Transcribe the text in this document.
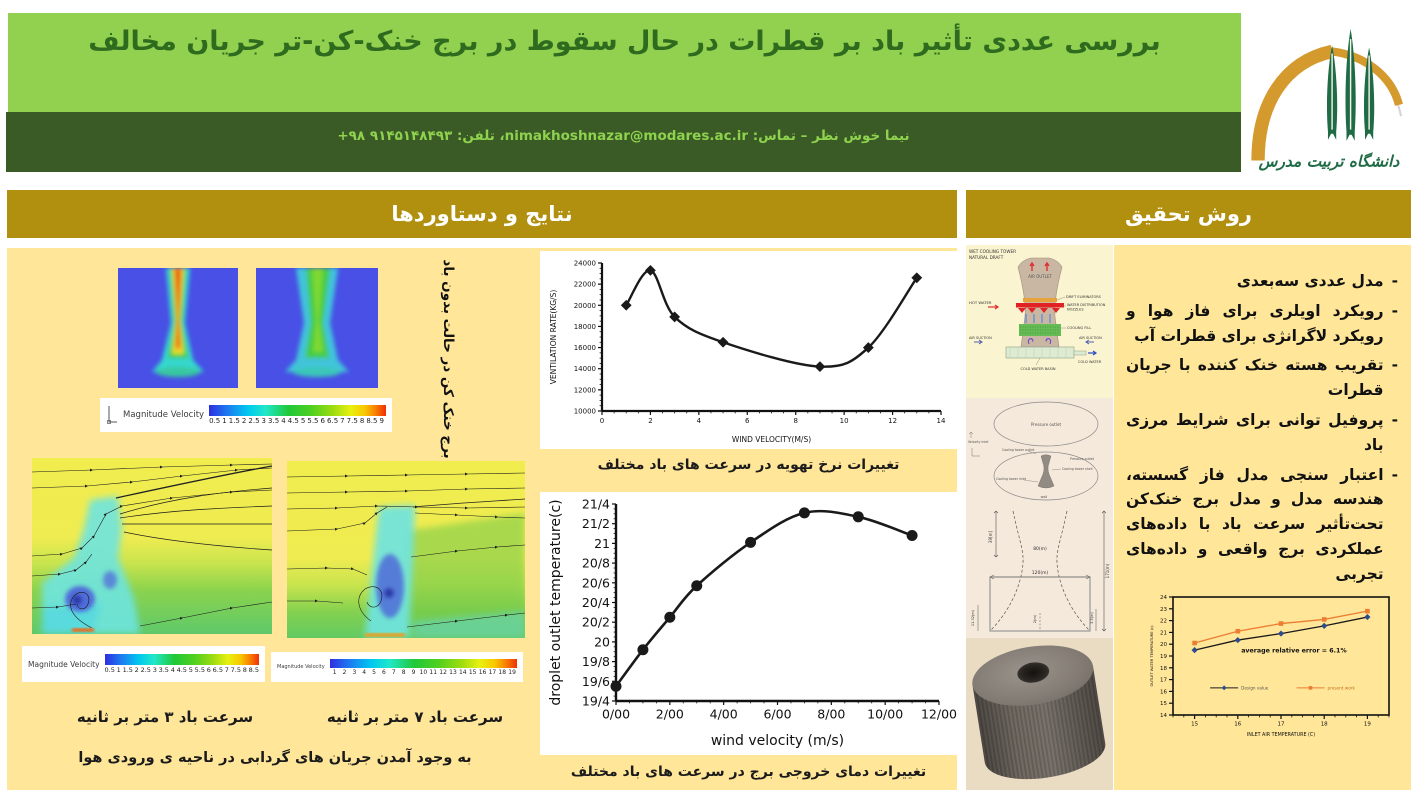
بررسی عددی تأثیر باد بر قطرات در حال سقوط در برج خنک-کن-تر جریان مخالف
نیما خوش نظر – تماس: nimakhoshnazar@modares.ac.ir، تلفن: ‎+۹۸ ۹۱۴۵۱۴۸۴۹۳
دانشگاه تربیت مدرس
نتایج و دستاوردها	روش تحقیق
برج خنک کن در حالت بدون باد
Magnitude Velocity
0.5 1 1.5 2 2.5 3 3.5 4 4.5 5 5.5 6 6.5 7 7.5 8 8.5 9
Magnitude Velocity
0.5 1 1.5 2 2.5 3 3.5 4 4.5 5 5.5 6 6.5 7 7.5 8 8.5	Magnitude Velocity
1	2	3	4	5	6	7	8	9 10 11 12 13 14 15 16 17 18 19
سرعت باد ۳ متر بر ثانیه	سرعت باد ۷ متر بر ثانیه
به وجود آمدن جریان های گردابی در ناحیه ی ورودی هوا
0	2	4	6	8	10	12	14
10000
12000
14000
16000
18000
20000
22000
24000
WIND VELOCITY(M/S)
VENTILATION RATE(KG/S)
تغییرات نرخ تهویه در سرعت های باد مختلف
0/00 2/00 4/00 6/00 8/00 10/00 12/00
19/4
19/6
19/8
20
20/2
20/4
20/6
20/8
21
21/2
21/4
wind velocity (m/s)
droplet outlet temperature(c)
تغییرات دمای خروجی برج در سرعت های باد مختلف
WET COOLING TOWER
NATURAL DRAFT
AIR OUTLET
HOT WATER
DRIFT ELIMINATORS
WATER DISTRIBUTION
NOZZLES
COOLING FILL
AIR SUCTION	AIR SUCTION
COLD WATER
COLD WATER BASIN
Pressure outlet
Velocity inlet
Cooling tower outlet
Pressure outlet
Cooling tower shell
Cooling tower inlet
wall
39[m]
80(m)
120(m)	171(m)
11.32(m)	2(m)	3.5(m)
-
مدل عددی سه‌بعدی
-
رویکرد اویلری برای فاز هوا و رویکرد لاگرانژی برای قطرات آب
-
تقریب هسته خنک کننده با جریان قطرات
-
پروفیل توانی برای شرایط مرزی باد
-
اعتبار سنجی مدل فاز گسسته، هندسه مدل و مدل برج خنک‌کن تحت‌تأثیر سرعت باد با داده‌های عملکردی برج واقعی و داده‌های تجربی
15	16	17	18	19
14
15
16
17
18
19
20
21
22
23
24
INLET AIR TEMPERATURE (C)
OUTLET WATER TEMPERATURE (c)
Design value	present work
average relative error = 6.1%
